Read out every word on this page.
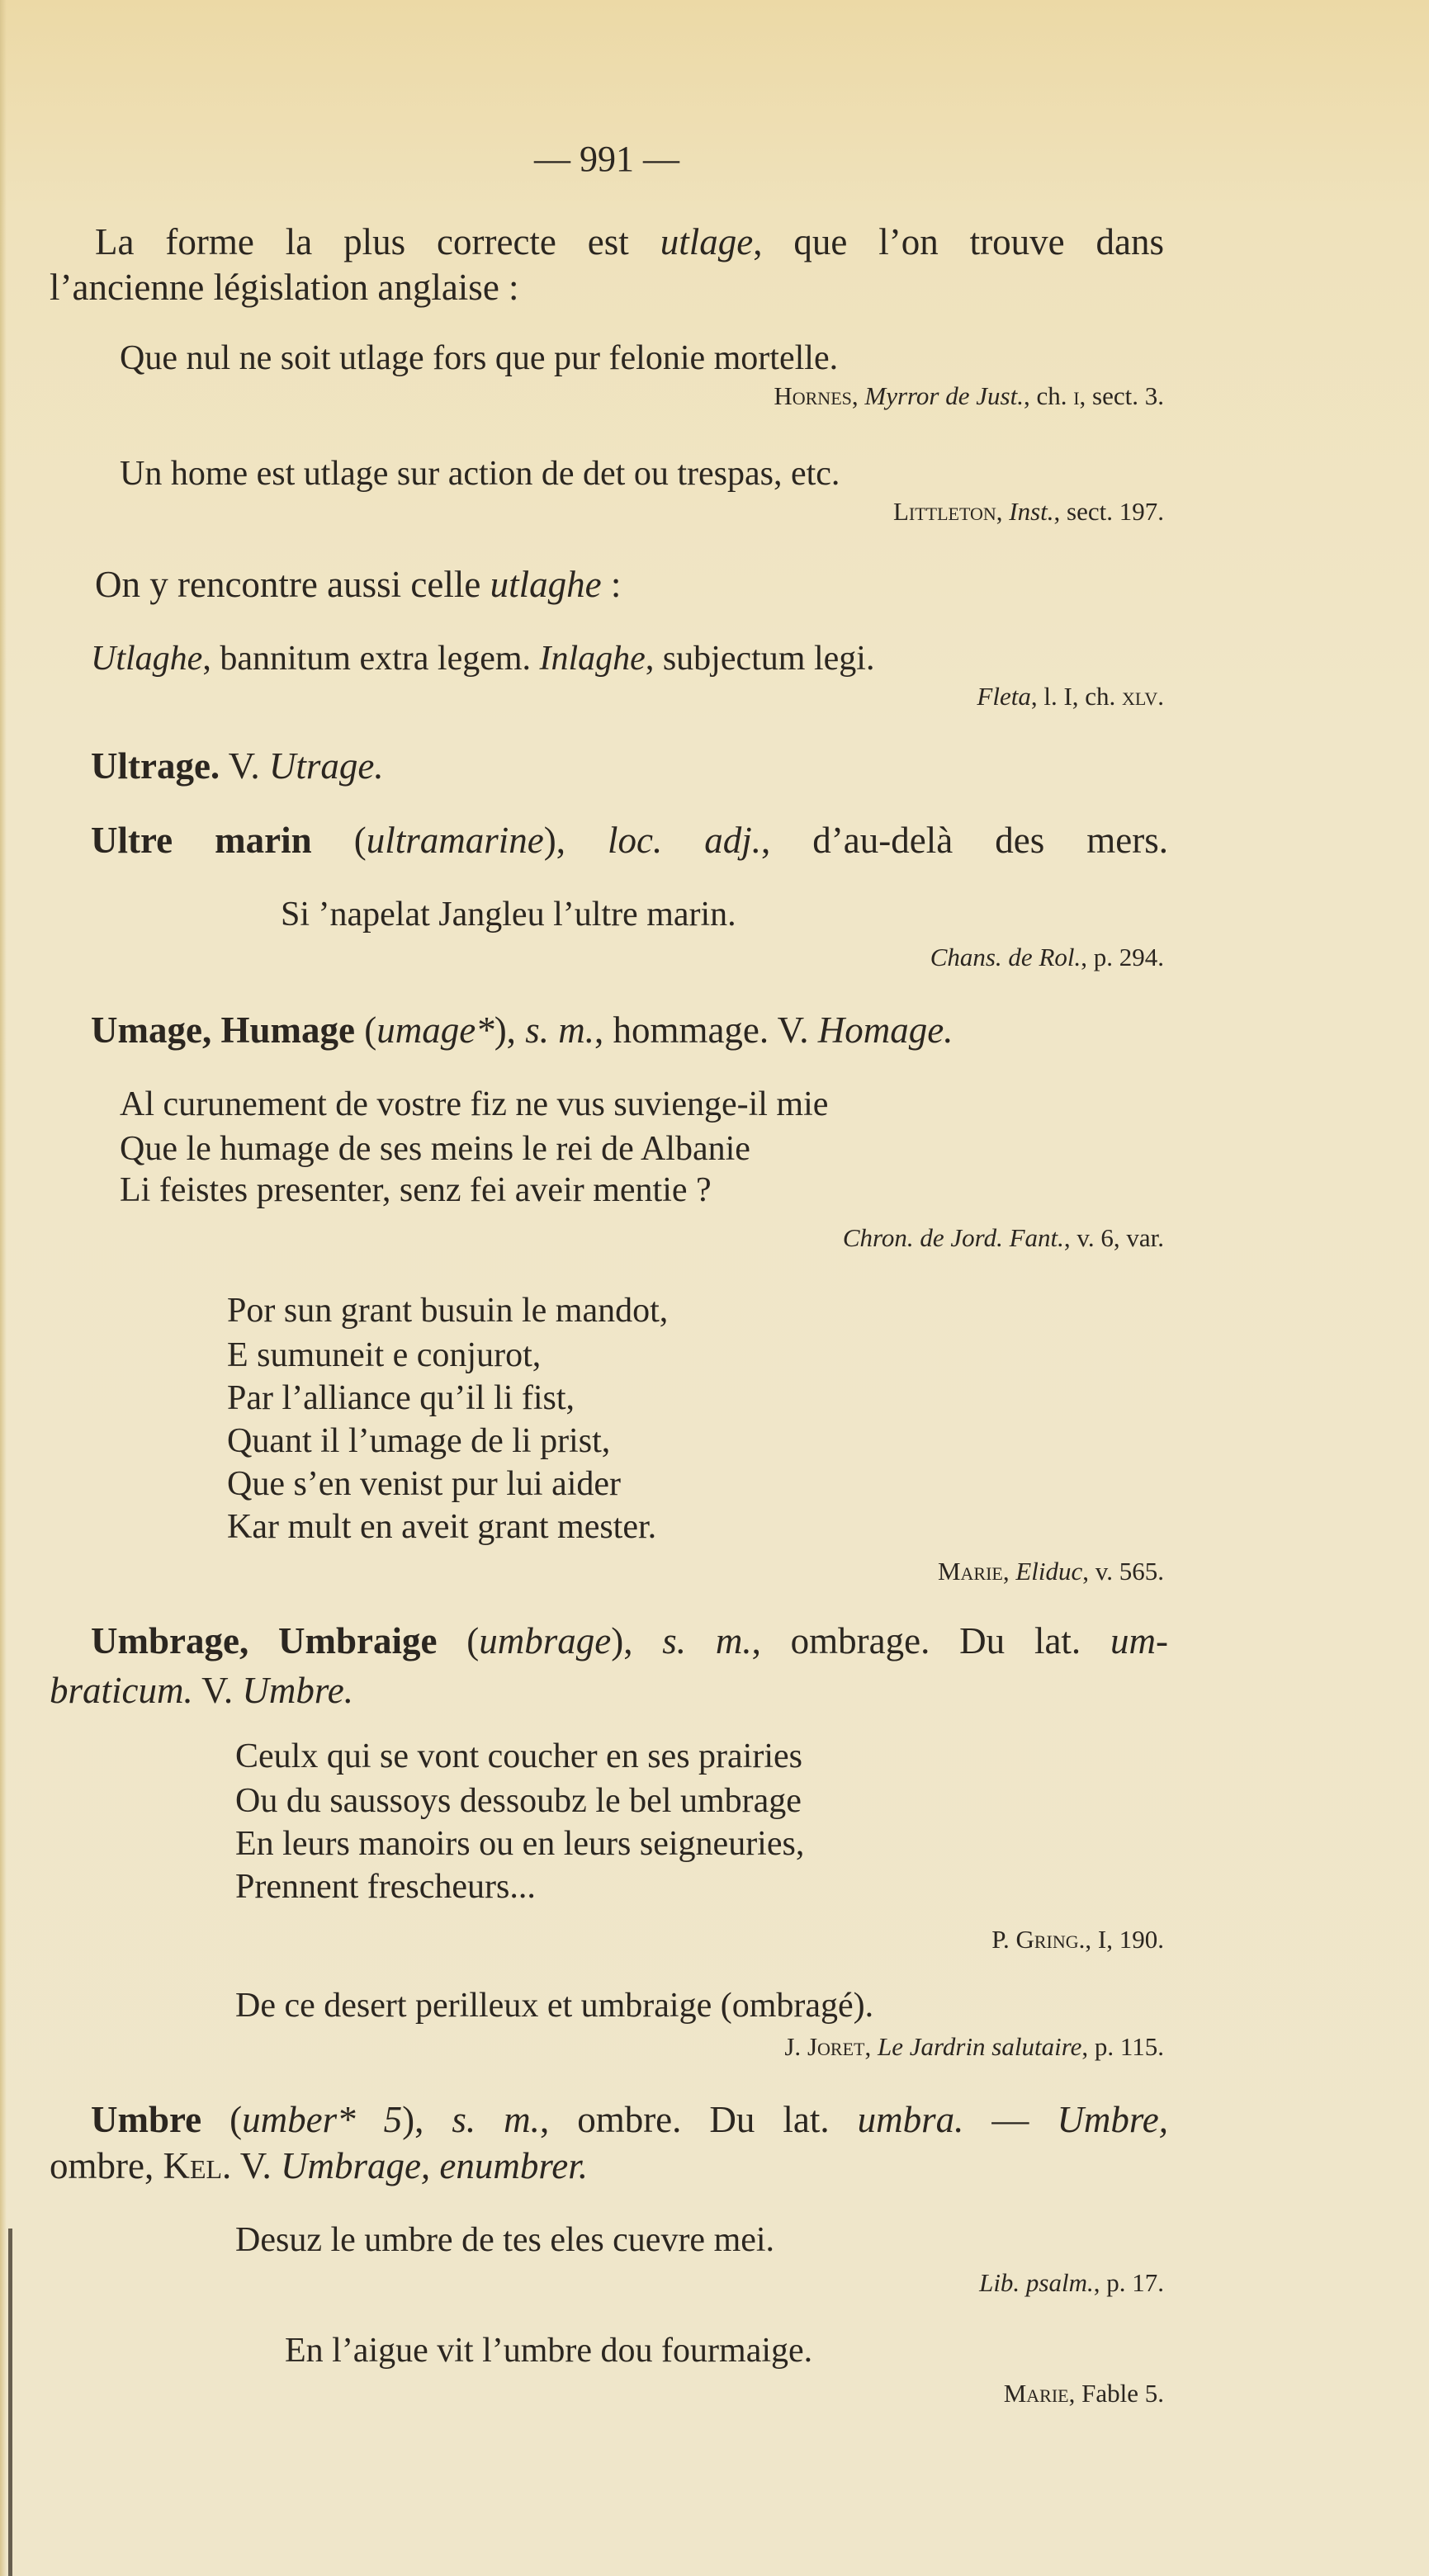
— 991 —
La forme la plus correcte est utlage, que l’on trouve dans
l’ancienne législation anglaise :
Que nul ne soit utlage fors que pur felonie mortelle.
Hornes, Myrror de Just., ch. i, sect. 3.
Un home est utlage sur action de det ou trespas, etc.
Littleton, Inst., sect. 197.
On y rencontre aussi celle utlaghe :
Utlaghe, bannitum extra legem. Inlaghe, subjectum legi.
Fleta, l. I, ch. xlv.
Ultrage. V. Utrage.
Ultre marin (ultramarine), loc. adj., d’au-delà des mers.
Si ’napelat Jangleu l’ultre marin.
Chans. de Rol., p. 294.
Umage, Humage (umage*), s. m., hommage. V. Homage.
Al curunement de vostre fiz ne vus suvienge-il mie
Que le humage de ses meins le rei de Albanie
Li feistes presenter, senz fei aveir mentie ?
Chron. de Jord. Fant., v. 6, var.
Por sun grant busuin le mandot,
E sumuneit e conjurot,
Par l’alliance qu’il li fist,
Quant il l’umage de li prist,
Que s’en venist pur lui aider
Kar mult en aveit grant mester.
Marie, Eliduc, v. 565.
Umbrage, Umbraige (umbrage), s. m., ombrage. Du lat. um-
braticum. V. Umbre.
Ceulx qui se vont coucher en ses prairies
Ou du saussoys dessoubz le bel umbrage
En leurs manoirs ou en leurs seigneuries,
Prennent frescheurs...
P. Gring., I, 190.
De ce desert perilleux et umbraige (ombragé).
J. Joret, Le Jardrin salutaire, p. 115.
Umbre (umber* 5), s. m., ombre. Du lat. umbra. — Umbre,
ombre, Kel. V. Umbrage, enumbrer.
Desuz le umbre de tes eles cuevre mei.
Lib. psalm., p. 17.
En l’aigue vit l’umbre dou fourmaige.
Marie, Fable 5.
